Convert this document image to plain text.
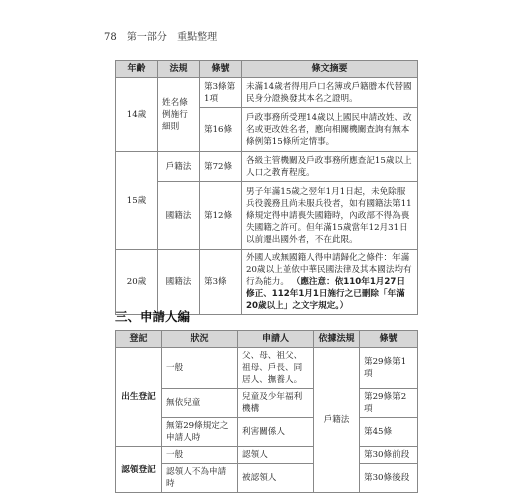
78 第一部分 重點整理
年齡	法規	條號	條文摘要
14歲	姓名條例施行細則	第3條第1項	未滿14歲者得用戶口名簿或戶籍謄本代替國民身分證換發其本名之證明。
		第16條	戶政事務所受理14歲以上國民申請改姓、改名或更改姓名者，應向相關機關查詢有無本條例第15條所定情事。
15歲	戶籍法	第72條	各級主管機關及戶政事務所應查記15歲以上人口之教育程度。
	國籍法	第12條	男子年滿15歲之翌年1月1日起，未免除服兵役義務且尚未服兵役者，如有國籍法第11條規定得申請喪失國籍時，內政部不得為喪失國籍之許可。但年滿15歲當年12月31日以前遷出國外者，不在此限。
20歲	國籍法	第3條	外國人或無國籍人得申請歸化之條件：年滿20歲以上並依中華民國法律及其本國法均有行為能力。 （應注意：依110年1月27日修正、112年1月1日施行之已刪除「年滿20歲以上」之文字規定。）
三、申請人編
登記	狀況	申請人	依據法規	條號
出生登記	一般	父、母、祖父、祖母、戶長、同居人、撫養人。	戶籍法	第29條第1項
	無依兒童	兒童及少年福利機構		第29條第2項
	無第29條規定之申請人時	利害關係人		第45條
認領登記	一般	認領人		第30條前段
	認領人不為申請時	被認領人		第30條後段
